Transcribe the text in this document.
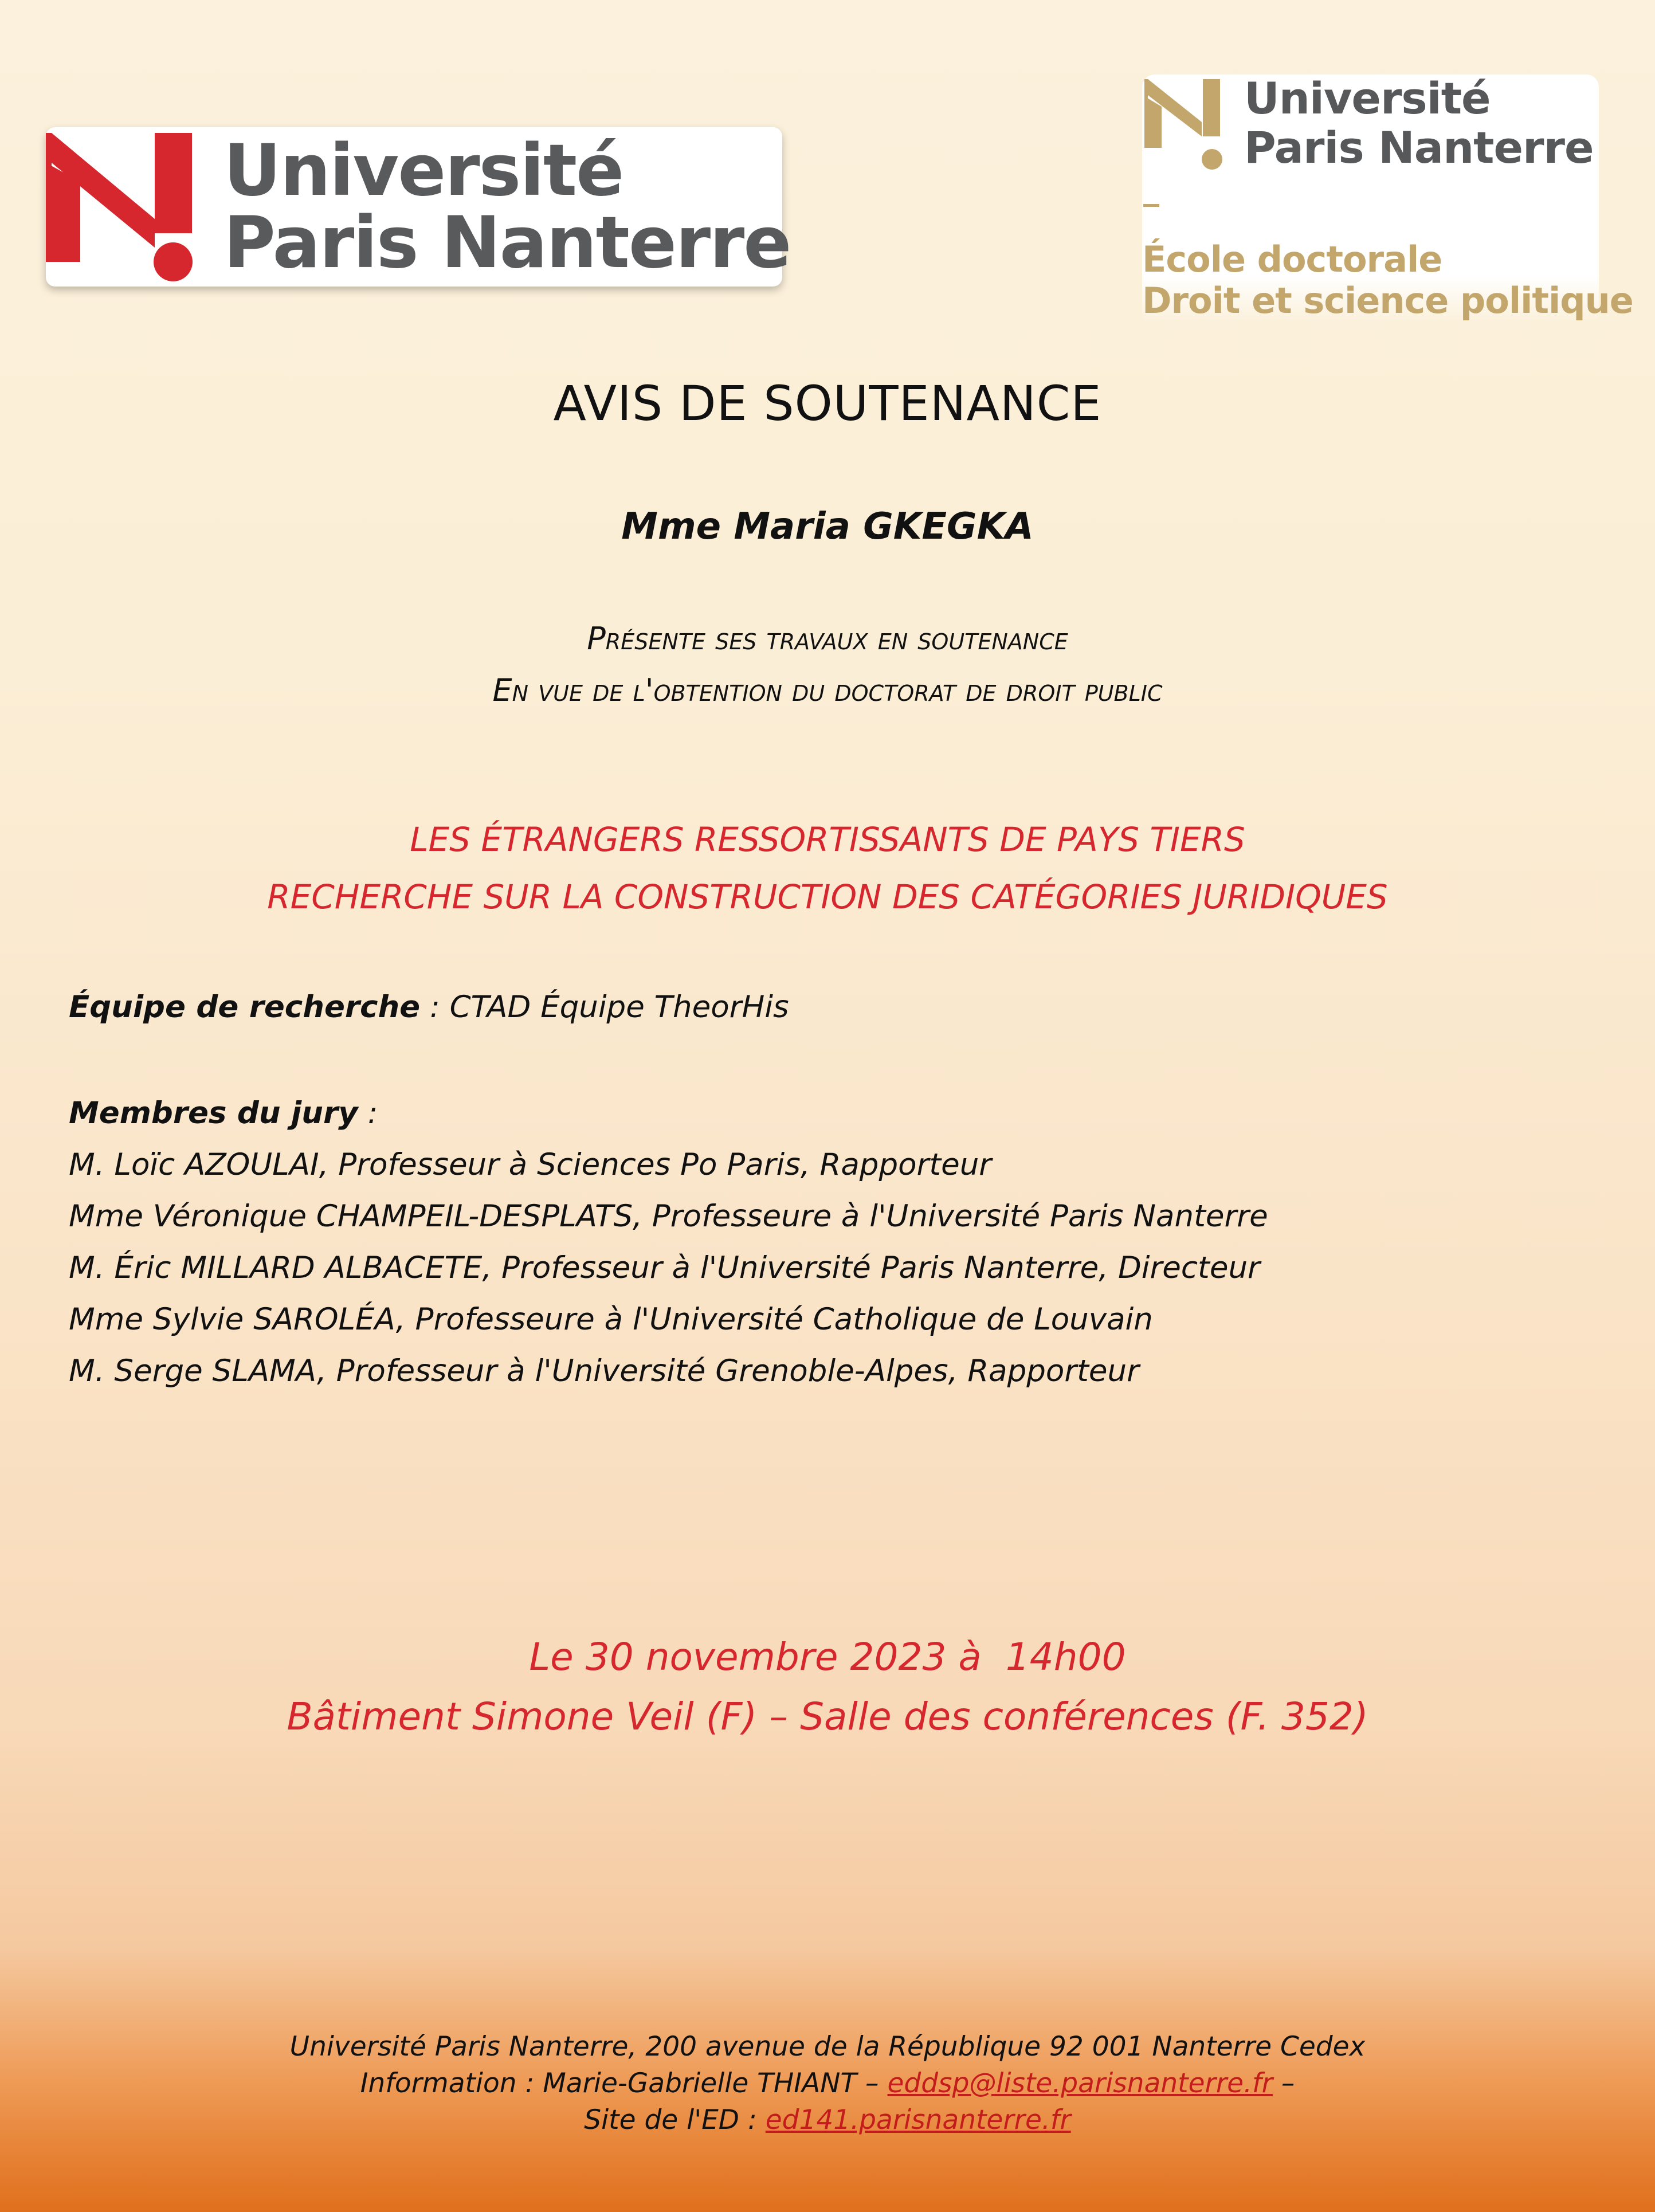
Université
Paris Nanterre
Université
Paris Nanterre
École doctorale
Droit et science politique
AVIS DE SOUTENANCE
Mme Maria GKEGKA
Présente ses travaux en soutenance
En vue de l'obtention du doctorat de droit public
LES ÉTRANGERS RESSORTISSANTS DE PAYS TIERS
RECHERCHE SUR LA CONSTRUCTION DES CATÉGORIES JURIDIQUES
Équipe de recherche : CTAD Équipe TheorHis
Membres du jury :
M. Loïc AZOULAI, Professeur à Sciences Po Paris, Rapporteur
Mme Véronique CHAMPEIL-DESPLATS, Professeure à l'Université Paris Nanterre
M. Éric MILLARD ALBACETE, Professeur à l'Université Paris Nanterre, Directeur
Mme Sylvie SAROLÉA, Professeure à l'Université Catholique de Louvain
M. Serge SLAMA, Professeur à l'Université Grenoble-Alpes, Rapporteur
Le 30 novembre 2023 à  14h00
Bâtiment Simone Veil (F) – Salle des conférences (F. 352)
Université Paris Nanterre, 200 avenue de la République 92 001 Nanterre Cedex
Information : Marie-Gabrielle THIANT – eddsp@liste.parisnanterre.fr –
Site de l'ED : ed141.parisnanterre.fr
